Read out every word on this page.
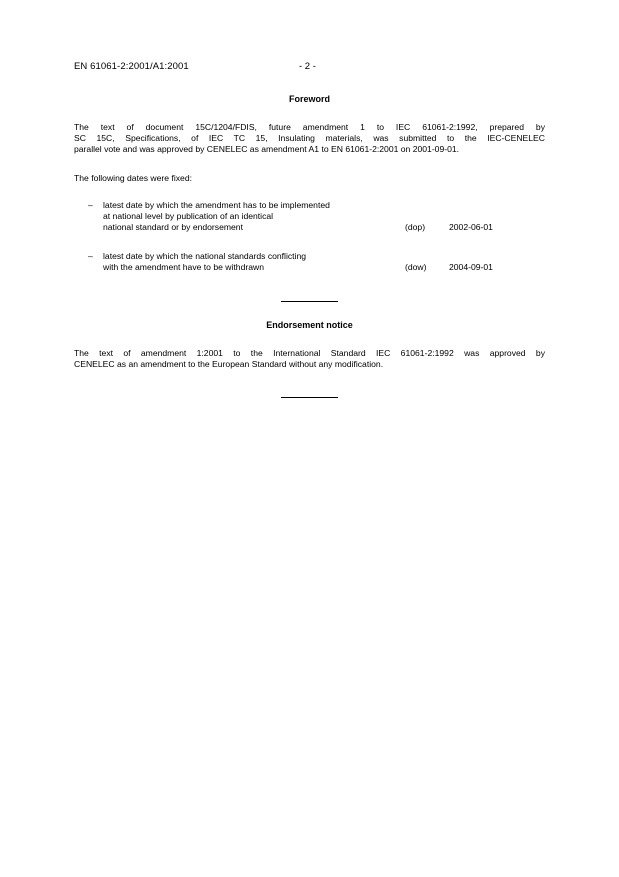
EN 61061-2:2001/A1:2001	- 2 -
Foreword
The text of document 15C/1204/FDIS, future amendment 1 to IEC 61061-2:1992, prepared by
SC 15C, Specifications, of IEC TC 15, Insulating materials, was submitted to the IEC-CENELEC
parallel vote and was approved by CENELEC as amendment A1 to EN 61061-2:2001 on 2001-09-01.
The following dates were fixed:
– latest date by which the amendment has to be implemented
at national level by publication of an identical
national standard or by endorsement	(dop)	2002-06-01
– latest date by which the national standards conflicting
with the amendment have to be withdrawn	(dow)	2004-09-01
Endorsement notice
The text of amendment 1:2001 to the International Standard IEC 61061-2:1992 was approved by
CENELEC as an amendment to the European Standard without any modification.
